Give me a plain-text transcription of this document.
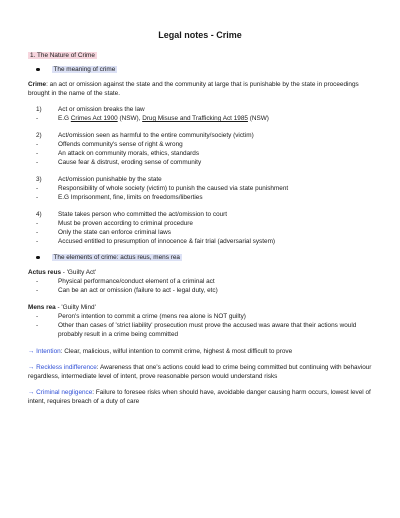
Legal notes - Crime
1. The Nature of Crime
The meaning of crime

Crime: an act or omission against the state and the community at large that is punishable by the state in proceedings brought in the name of the state.

1)	Act or omission breaks the law
-	E.G Crimes Act 1900 (NSW), Drug Misuse and Trafficking Act 1985 (NSW)
2)	Act/omission seen as harmful to the entire community/society (victim)
-	Offends community's sense of right & wrong
-	An attack on community morals, ethics, standards
-	Cause fear & distrust, eroding sense of community
3)	Act/omission punishable by the state
-	Responsibility of whole society (victim) to punish the caused via state punishment
-	E.G Imprisonment, fine, limits on freedoms/liberties
4)	State takes person who committed the act/omission to court
-	Must be proven according to criminal procedure
-	Only the state can enforce criminal laws
-	Accused entitled to presumption of innocence & fair trial (adversarial system)
The elements of crime: actus reus, mens rea

Actus reus - 'Guilty Act'

-	Physical performance/conduct element of a criminal act
-	Can be an act or omission (failure to act - legal duty, etc)

Mens rea - 'Guilty Mind'

-	Peron's intention to commit a crime (mens rea alone is NOT guilty)
-	Other than cases of 'strict liability' prosecution must prove the accused was aware that their actions would probably result in a crime being committed

→ Intention: Clear, malicious, wilful intention to commit crime, highest & most difficult to prove

→ Reckless indifference: Awareness that one's actions could lead to crime being committed but continuing with behaviour regardless, intermediate level of intent, prove reasonable person would understand risks

→ Criminal negligence: Failure to foresee risks when should have, avoidable danger causing harm occurs, lowest level of intent, requires breach of a duty of care
